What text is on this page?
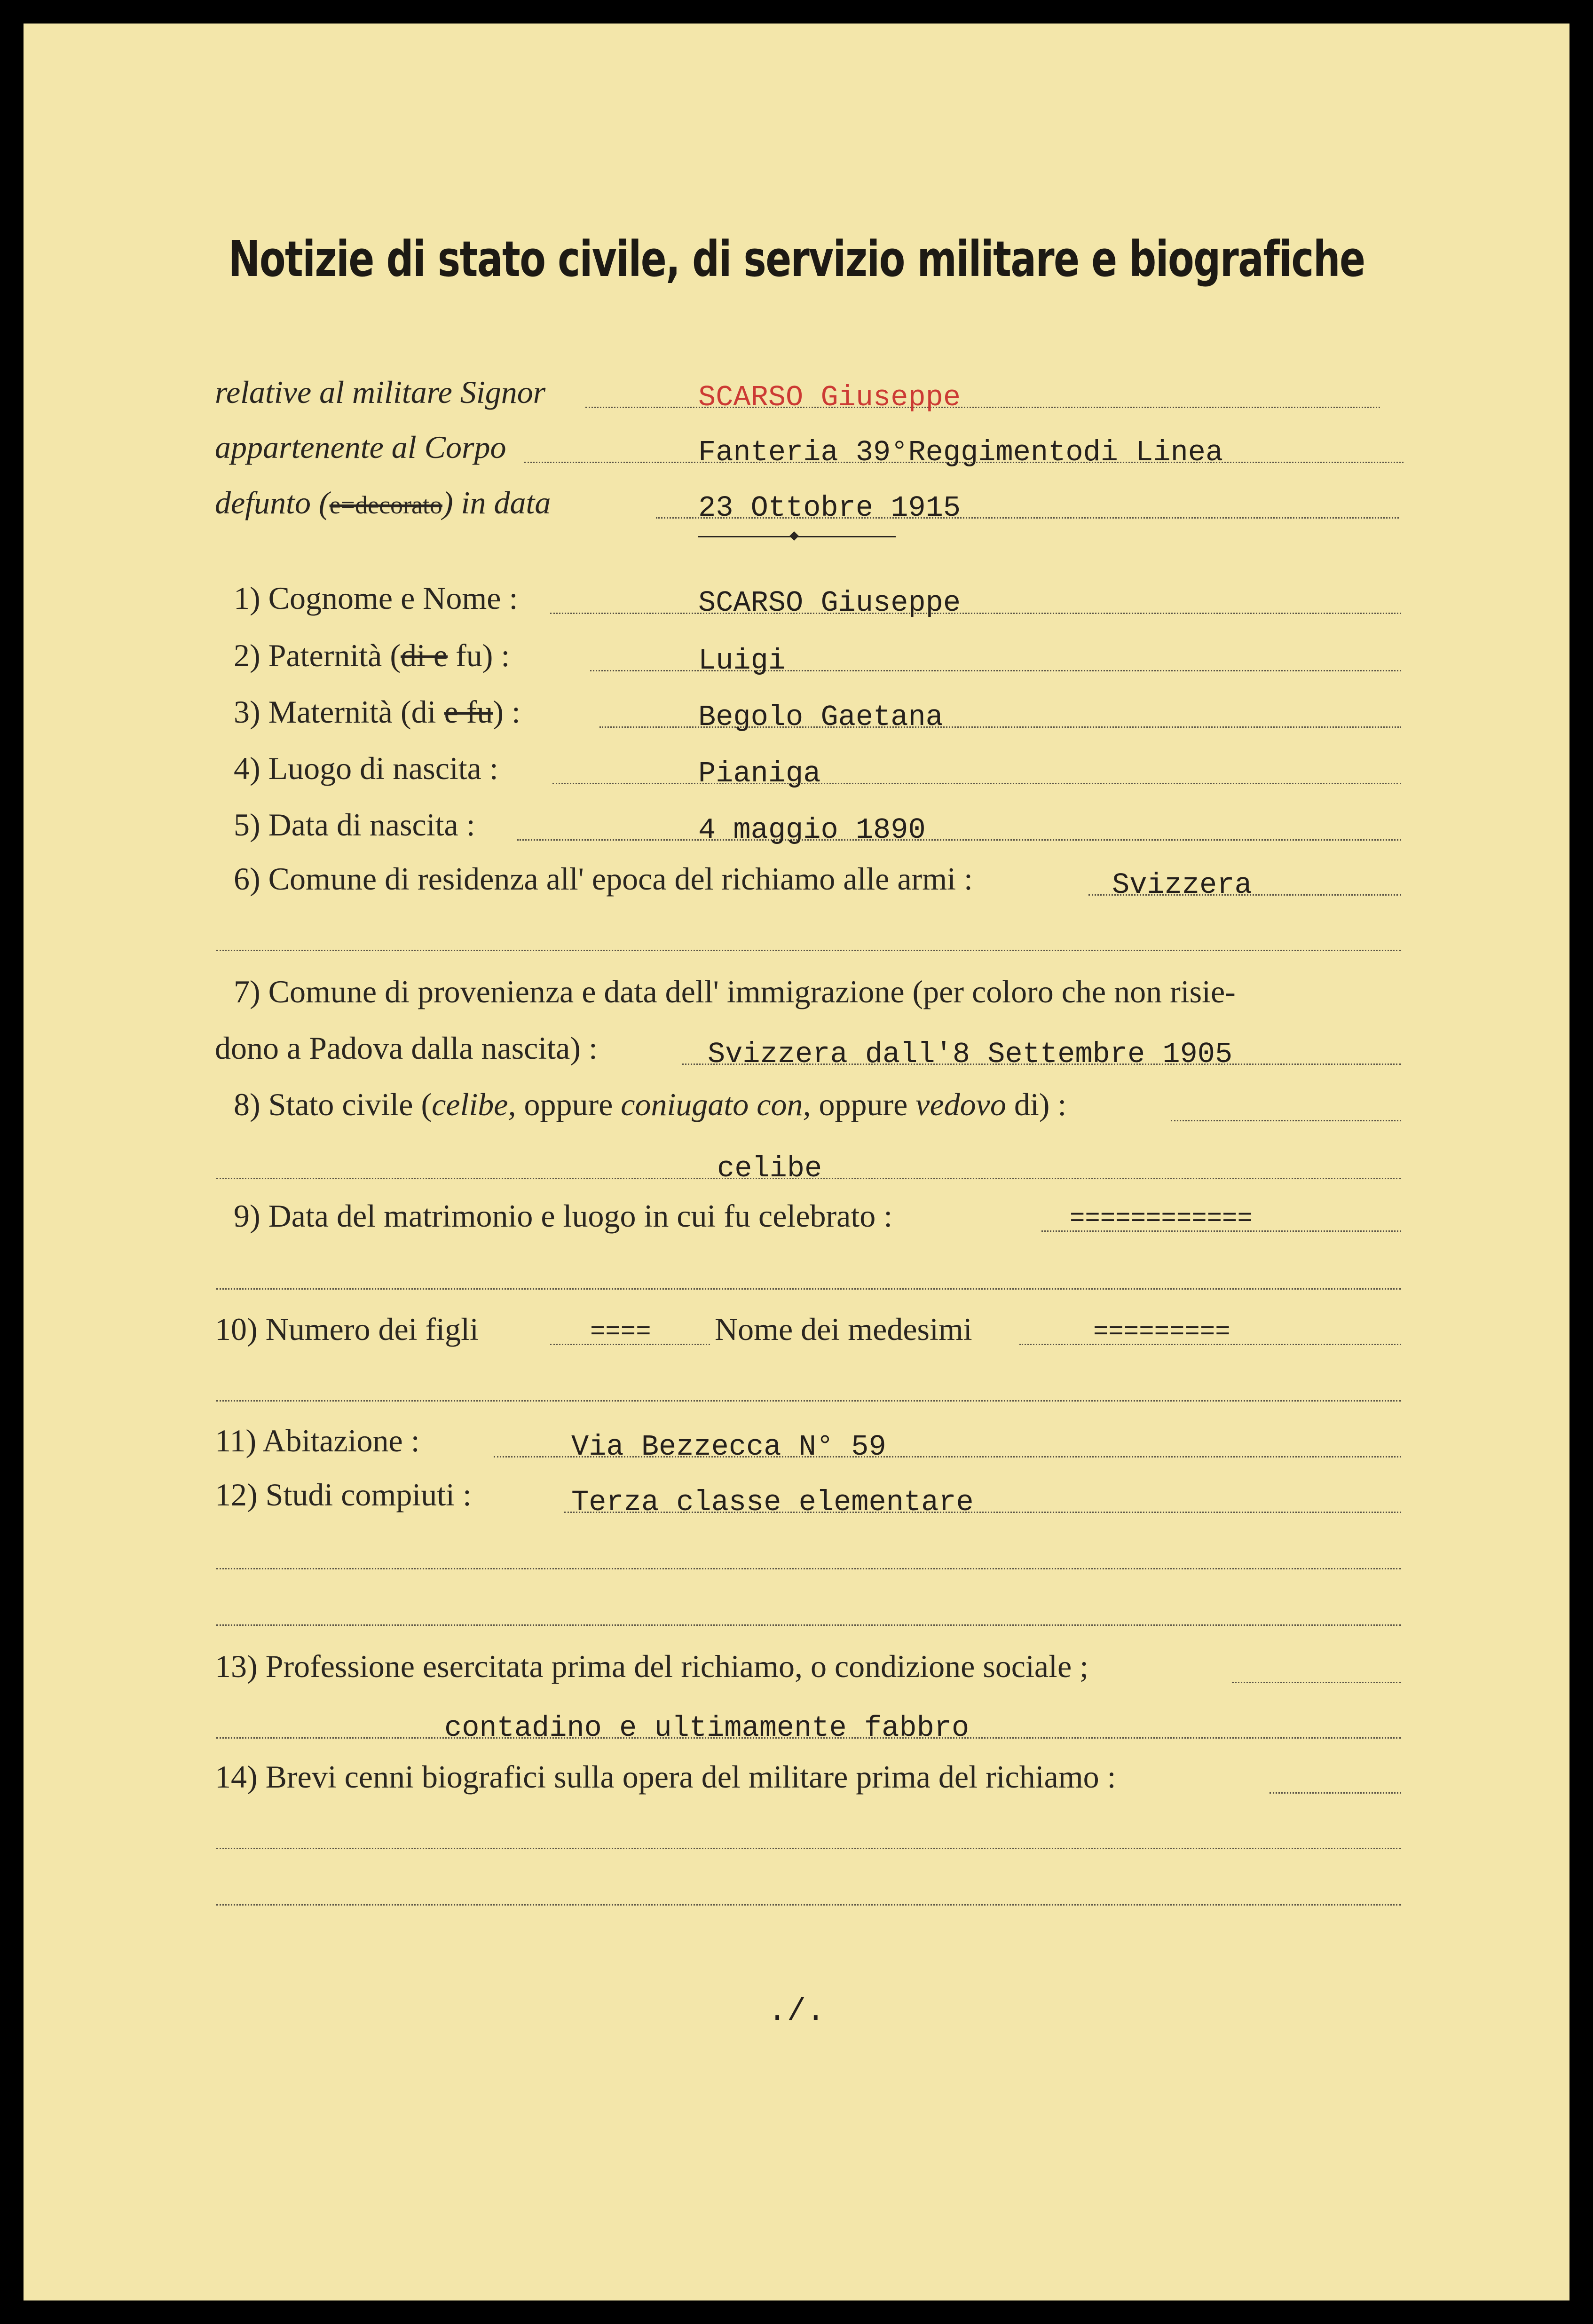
Notizie di stato civile, di servizio militare e biografiche
relative al militare Signor	SCARSO Giuseppe
appartenente al Corpo	Fanteria 39°Reggimentodi Linea
defunto (e=decorato) in data	23 Ottobre 1915
1) Cognome e Nome :	SCARSO Giuseppe
2) Paternità (di e fu) :	Luigi
3) Maternità (di e fu) :	Begolo Gaetana
4) Luogo di nascita :	Pianiga
5) Data di nascita :	4 maggio 1890
6) Comune di residenza all' epoca del richiamo alle armi :	Svizzera
7) Comune di provenienza e data dell' immigrazione (per coloro che non risie-
dono a Padova dalla nascita) :	Svizzera dall'8 Settembre 1905
8) Stato civile (celibe, oppure coniugato con, oppure vedovo di) :
celibe
9) Data del matrimonio e luogo in cui fu celebrato :	============
10) Numero dei figli	==== Nome dei medesimi	=========
11) Abitazione :	Via Bezzecca N° 59
12) Studi compiuti :	Terza classe elementare
13) Professione esercitata prima del richiamo, o condizione sociale ;
contadino e ultimamente fabbro
14) Brevi cenni biografici sulla opera del militare prima del richiamo :
./.
